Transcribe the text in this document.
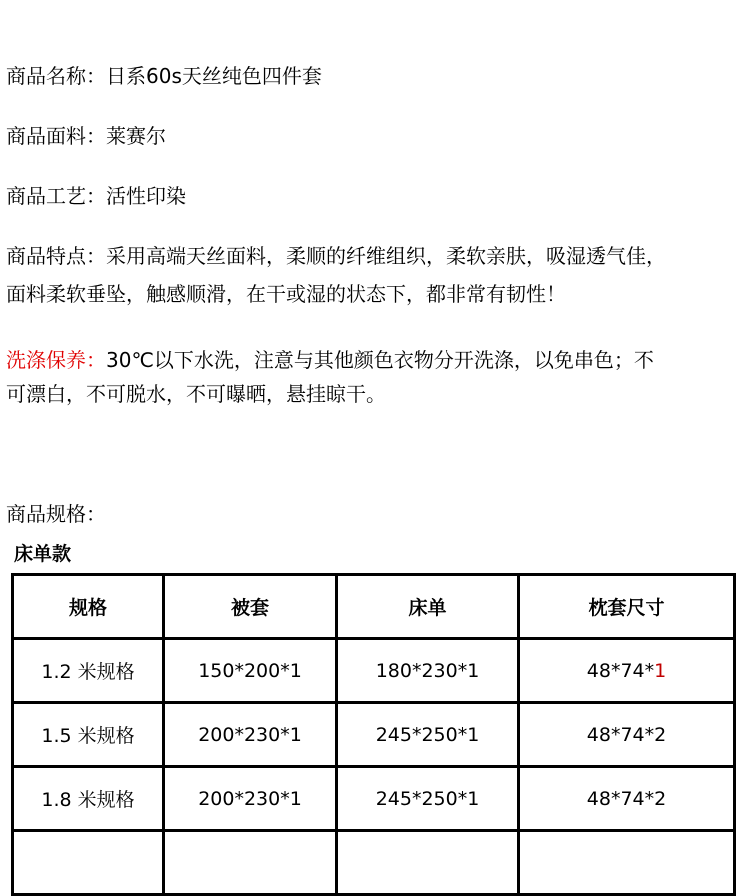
商品名称：日系60s天丝纯色四件套
商品面料：莱赛尔
商品工艺：活性印染
商品特点：采用高端天丝面料，柔顺的纤维组织，柔软亲肤，吸湿透气佳，
面料柔软垂坠，触感顺滑，在干或湿的状态下，都非常有韧性！
洗涤保养：30℃以下水洗，注意与其他颜色衣物分开洗涤，以免串色；不
可漂白，不可脱水，不可曝晒，悬挂晾干。
商品规格：
床单款
规格	被套	床单	枕套尺寸
1.2 米规格	150*200*1	180*230*1	48*74*1
1.5 米规格	200*230*1	245*250*1	48*74*2
1.8 米规格	200*230*1	245*250*1	48*74*2
